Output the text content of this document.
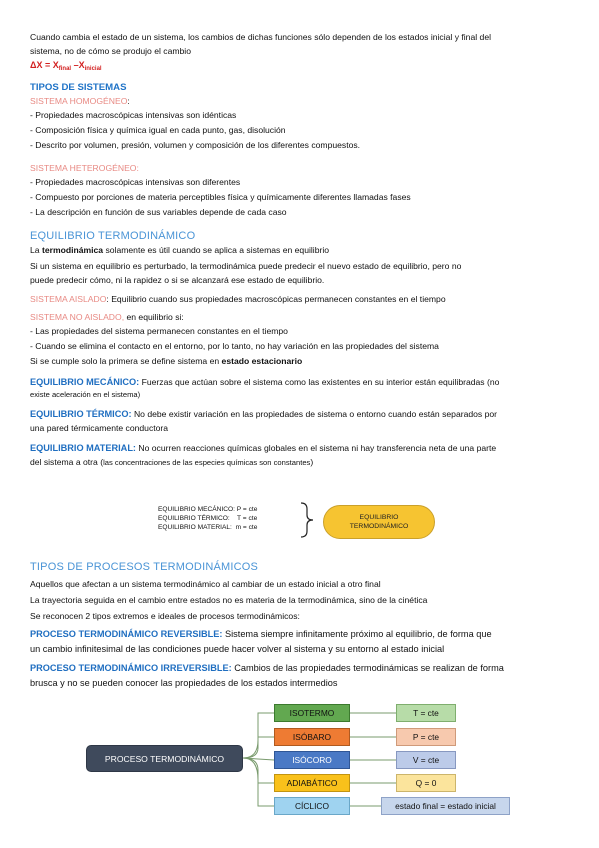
Cuando cambia el estado de un sistema, los cambios de dichas funciones sólo dependen de los estados inicial y final del

sistema, no de cómo se produjo el cambio

$\Delta X = X_{final}$ $-X_{inicial}$

TIPOS DE SISTEMAS

SISTEMA HOMOGÉNEO:

- Propiedades macroscópicas intensivas son idénticas

- Composición física y química igual en cada punto, gas, disolución

- Descrito por volumen, presión, volumen y composición de los diferentes compuestos.

SISTEMA HETEROGÉNEO:

- Propiedades macroscópicas intensivas son diferentes

- Compuesto por porciones de materia perceptibles física y químicamente diferentes llamadas fases

- La descripción en función de sus variables depende de cada caso

EQUILIBRIO TERMODINÁMICO

La termodinámica solamente es útil cuando se aplica a sistemas en equilibrio

Si un sistema en equilibrio es perturbado, la termodinámica puede predecir el nuevo estado de equilibrio, pero no

puede predecir cómo, ni la rapidez o si se alcanzará ese estado de equilibrio.

SISTEMA AISLADO: Equilibrio cuando sus propiedades macroscópicas permanecen constantes en el tiempo

SISTEMA NO AISLADO, en equilibrio si:

- Las propiedades del sistema permanecen constantes en el tiempo

- Cuando se elimina el contacto en el entorno, por lo tanto, no hay variación en las propiedades del sistema

Si se cumple solo la primera se define sistema en estado estacionario

EQUILIBRIO MECÁNICO: Fuerzas que actúan sobre el sistema como las existentes en su interior están equilibradas (no

existe aceleración en el sistema)

EQUILIBRIO TÉRMICO: No debe existir variación en las propiedades de sistema o entorno cuando están separados por

una pared térmicamente conductora

EQUILIBRIO MATERIAL: No ocurren reacciones químicas globales en el sistema ni hay transferencia neta de una parte

del sistema a otra (las concentraciones de las especies químicas son constantes)

EQUILIBRIO MECÁNICO: P = cte
EQUILIBRIO TÉRMICO: T = cte
EQUILIBRIO MATERIAL: m = cte
EQUILIBRIO
TERMODINÁMICO

TIPOS DE PROCESOS TERMODINÁMICOS

Aquellos que afectan a un sistema termodinámico al cambiar de un estado inicial a otro final

La trayectoria seguida en el cambio entre estados no es materia de la termodinámica, sino de la cinética

Se reconocen 2 tipos extremos e ideales de procesos termodinámicos:

PROCESO TERMODINÁMICO REVERSIBLE: Sistema siempre infinitamente próximo al equilibrio, de forma que

un cambio infinitesimal de las condiciones puede hacer volver al sistema y su entorno al estado inicial

PROCESO TERMODINÁMICO IRREVERSIBLE: Cambios de las propiedades termodinámicas se realizan de forma

brusca y no se pueden conocer las propiedades de los estados intermedios

PROCESO TERMODINÁMICO
ISOTERMO
ISÓBARO
ISÓCORO
ADIABÁTICO
CÍCLICO
T = cte
P = cte
V = cte
Q = 0
estado final = estado inicial
